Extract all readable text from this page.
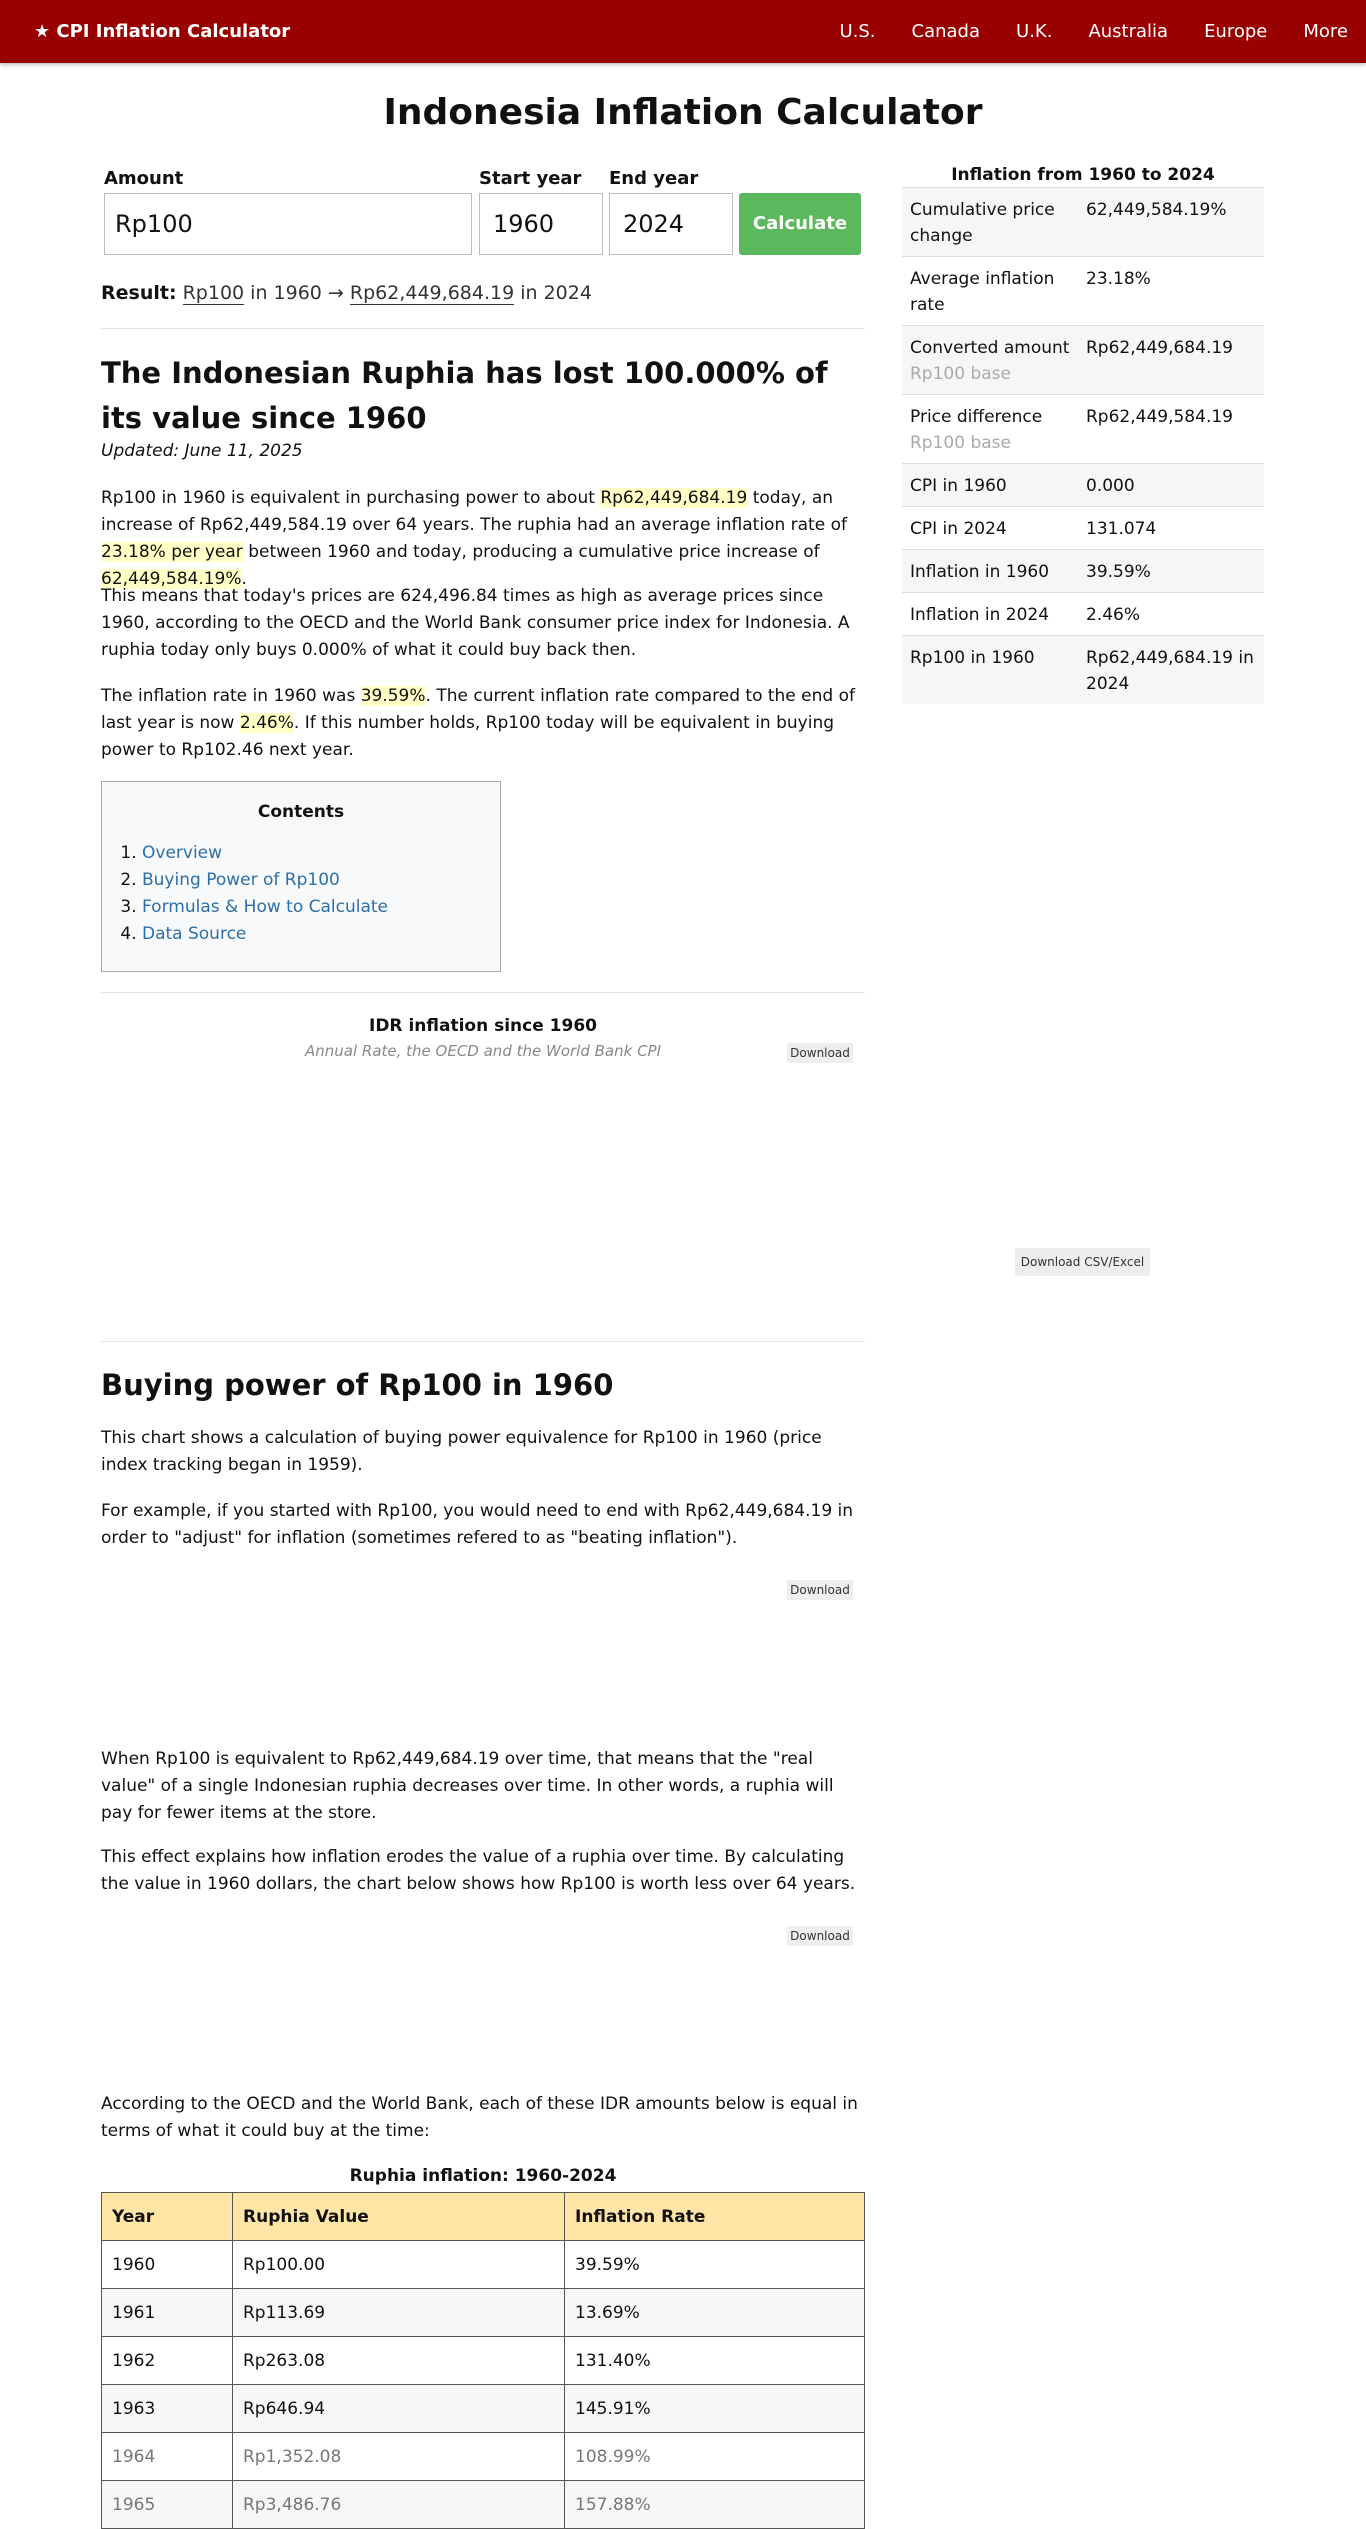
★ CPI Inflation Calculator	U.S. Canada U.K. Australia Europe More
Indonesia Inflation Calculator
Amount
Rp100
Start year
1960
End year
2024	Calculate
Result: Rp100 in 1960 → Rp62,449,684.19 in 2024
The Indonesian Ruphia has lost 100.000% of its value since 1960
Updated: June 11, 2025
Rp100 in 1960 is equivalent in purchasing power to about Rp62,449,684.19 today, an increase of Rp62,449,584.19 over 64 years. The ruphia had an average inflation rate of 23.18% per year between 1960 and today, producing a cumulative price increase of 62,449,584.19%.
This means that today's prices are 624,496.84 times as high as average prices since 1960, according to the OECD and the World Bank consumer price index for Indonesia. A ruphia today only buys 0.000% of what it could buy back then.
The inflation rate in 1960 was 39.59%. The current inflation rate compared to the end of last year is now 2.46%. If this number holds, Rp100 today will be equivalent in buying power to Rp102.46 next year.
Contents
1. Overview
2. Buying Power of Rp100
3. Formulas & How to Calculate
4. Data Source
IDR inflation since 1960
Annual Rate, the OECD and the World Bank CPI	Download
Buying power of Rp100 in 1960
This chart shows a calculation of buying power equivalence for Rp100 in 1960 (price index tracking began in 1959).
For example, if you started with Rp100, you would need to end with Rp62,449,684.19 in order to "adjust" for inflation (sometimes refered to as "beating inflation").
Download
When Rp100 is equivalent to Rp62,449,684.19 over time, that means that the "real value" of a single Indonesian ruphia decreases over time. In other words, a ruphia will pay for fewer items at the store.
This effect explains how inflation erodes the value of a ruphia over time. By calculating the value in 1960 dollars, the chart below shows how Rp100 is worth less over 64 years.
Download
According to the OECD and the World Bank, each of these IDR amounts below is equal in terms of what it could buy at the time:
Ruphia inflation: 1960-2024
Year	Ruphia Value	Inflation Rate
1960	Rp100.00	39.59%
1961	Rp113.69	13.69%
1962	Rp263.08	131.40%
1963	Rp646.94	145.91%
1964	Rp1,352.08	108.99%
1965	Rp3,486.76	157.88%
Inflation from 1960 to 2024
Cumulative price change	62,449,584.19%
Average inflation rate	23.18%
Converted amount
Rp100 base	Rp62,449,684.19
Price difference
Rp100 base	Rp62,449,584.19
CPI in 1960	0.000
CPI in 2024	131.074
Inflation in 1960	39.59%
Inflation in 2024	2.46%
Rp100 in 1960	Rp62,449,684.19 in 2024
Download CSV/Excel
